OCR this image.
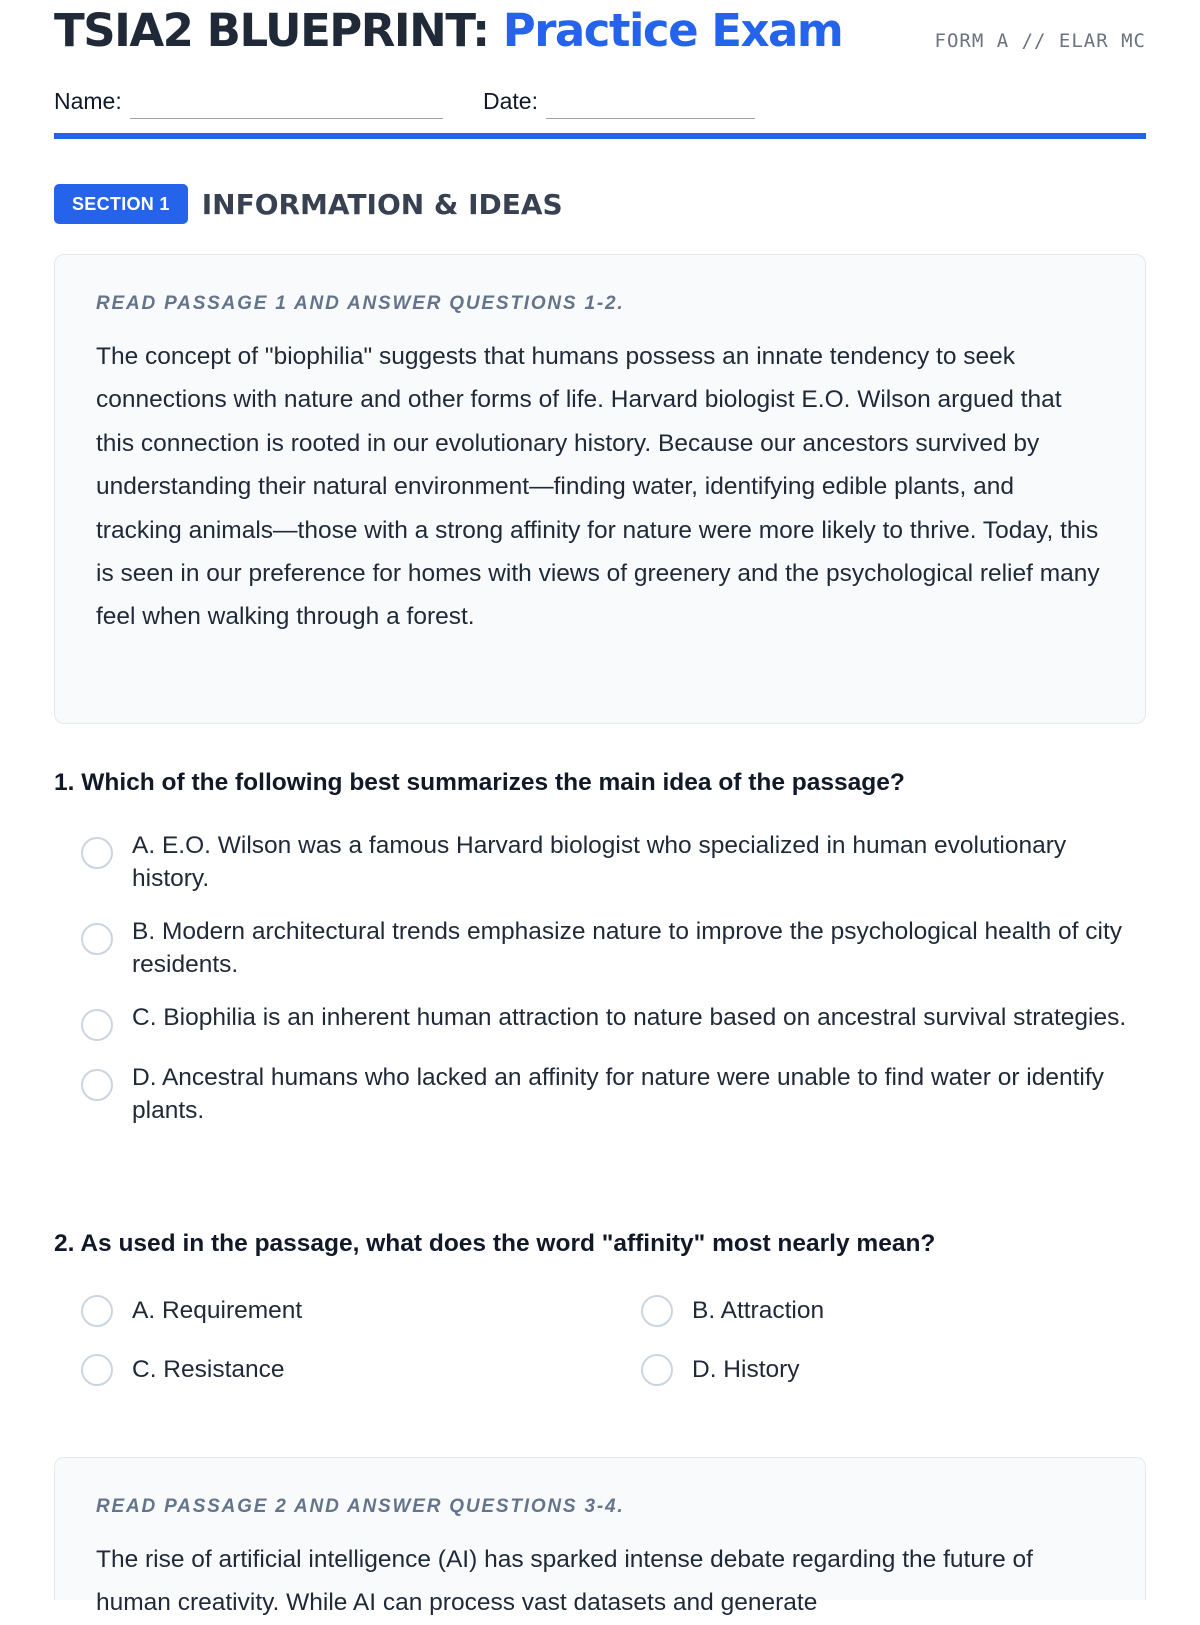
TSIA2 BLUEPRINT: Practice Exam	FORM A // ELAR MC
Name:	Date:
SECTION 1	INFORMATION & IDEAS
READ PASSAGE 1 AND ANSWER QUESTIONS 1-2.
The concept of "biophilia" suggests that humans possess an innate tendency to seek connections with nature and other forms of life. Harvard biologist E.O. Wilson argued that this connection is rooted in our evolutionary history. Because our ancestors survived by understanding their natural environment—finding water, identifying edible plants, and tracking animals—those with a strong affinity for nature were more likely to thrive. Today, this is seen in our preference for homes with views of greenery and the psychological relief many feel when walking through a forest.
1. Which of the following best summarizes the main idea of the passage?
A. E.O. Wilson was a famous Harvard biologist who specialized in human evolutionary history.
B. Modern architectural trends emphasize nature to improve the psychological health of city residents.
C. Biophilia is an inherent human attraction to nature based on ancestral survival strategies.
D. Ancestral humans who lacked an affinity for nature were unable to find water or identify plants.
2. As used in the passage, what does the word "affinity" most nearly mean?
A. Requirement	B. Attraction
C. Resistance	D. History
READ PASSAGE 2 AND ANSWER QUESTIONS 3-4.
The rise of artificial intelligence (AI) has sparked intense debate regarding the future of human creativity. While AI can process vast datasets and generate
